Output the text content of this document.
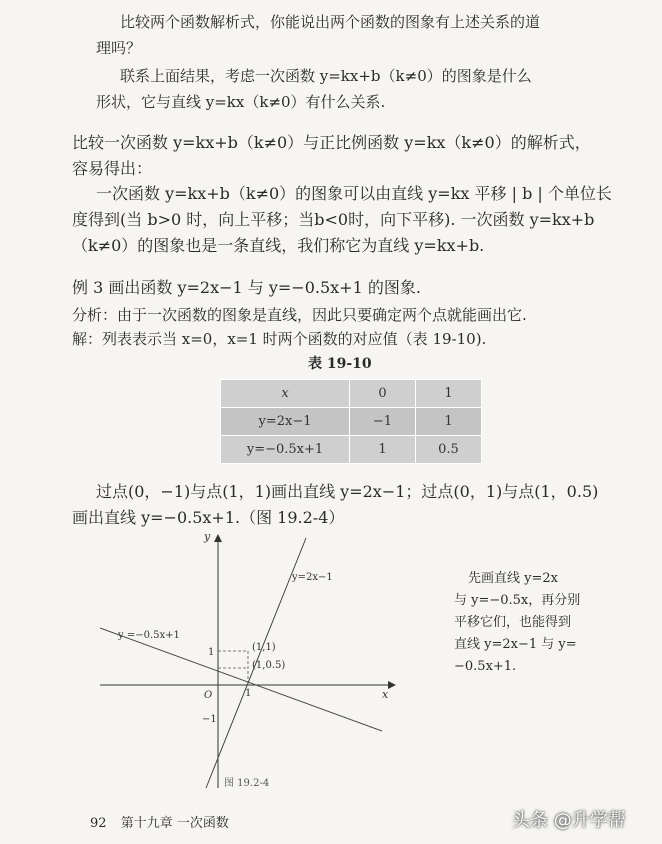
比较两个函数解析式，你能说出两个函数的图象有上述关系的道
理吗？
联系上面结果，考虑一次函数 y=kx+b（k≠0）的图象是什么
形状，它与直线 y=kx（k≠0）有什么关系.
比较一次函数 y=kx+b（k≠0）与正比例函数 y=kx（k≠0）的解析式，
容易得出：
一次函数 y=kx+b（k≠0）的图象可以由直线 y=kx 平移 | b | 个单位长
度得到(当 b>0 时，向上平移；当b<0时，向下平移). 一次函数 y=kx+b
（k≠0）的图象也是一条直线，我们称它为直线 y=kx+b.
例 3 画出函数 y=2x−1 与 y=−0.5x+1 的图象.
分析：由于一次函数的图象是直线，因此只要确定两个点就能画出它.
解：列表表示当 x=0，x=1 时两个函数的对应值（表 19-10).
表 19-10
x	0	1
y=2x−1	−1	1
y=−0.5x+1	1	0.5
过点(0，−1)与点(1，1)画出直线 y=2x−1；过点(0，1)与点(1，0.5)
画出直线 y=−0.5x+1.（图 19.2-4）
y
x
y=2x−1
y =−0.5x+1
(1,1)
(1,0.5)
O
1
1
−1
图 19.2-4
先画直线 y=2x
与 y=−0.5x，再分别
平移它们，也能得到
直线 y=2x−1 与 y=
−0.5x+1.
92 第十九章 一次函数	头条 @升学帮
